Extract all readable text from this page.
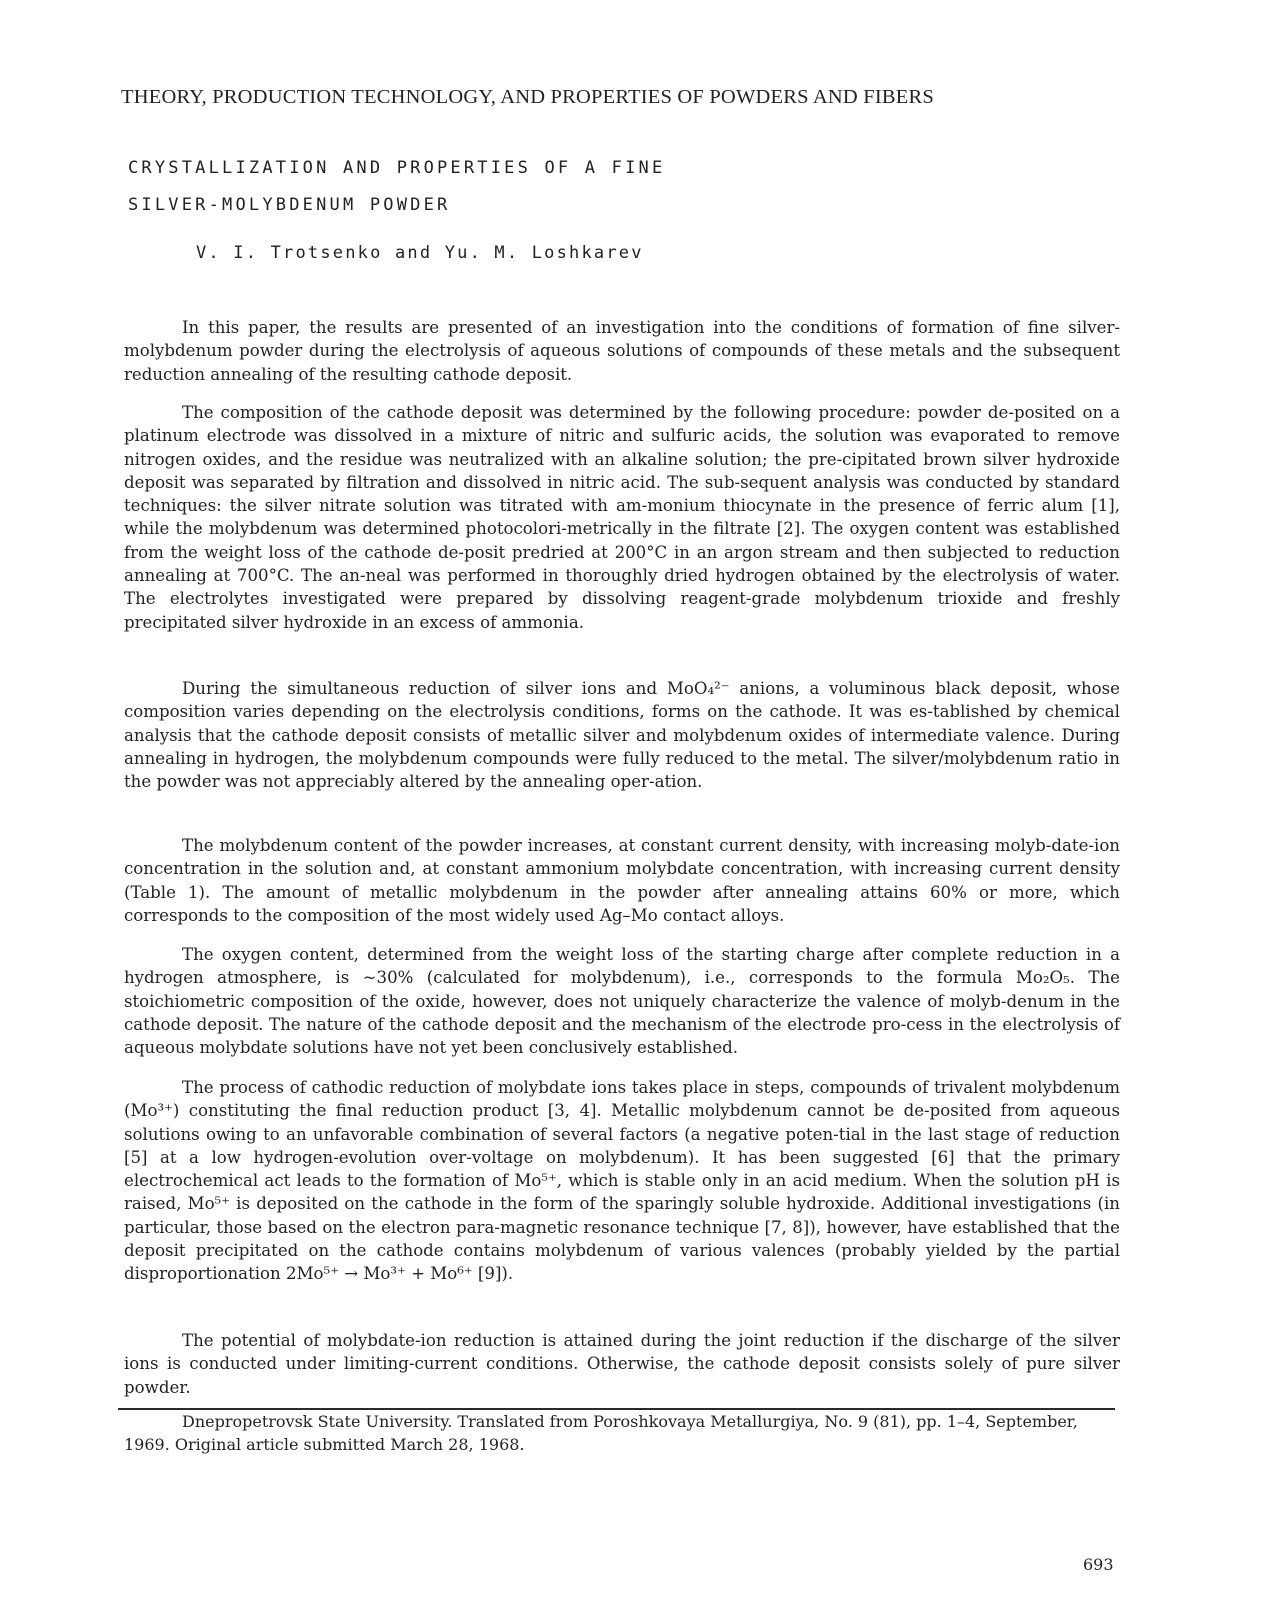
THEORY, PRODUCTION TECHNOLOGY, AND PROPERTIES OF POWDERS AND FIBERS
CRYSTALLIZATION AND PROPERTIES OF A FINE
SILVER-MOLYBDENUM POWDER
V. I. Trotsenko and Yu. M. Loshkarev

In this paper, the results are presented of an investigation into the conditions of formation of fine silver-molybdenum powder during the electrolysis of aqueous solutions of compounds of these metals and the subsequent reduction annealing of the resulting cathode deposit.

The composition of the cathode deposit was determined by the following procedure: powder de-posited on a platinum electrode was dissolved in a mixture of nitric and sulfuric acids, the solution was evaporated to remove nitrogen oxides, and the residue was neutralized with an alkaline solution; the pre-cipitated brown silver hydroxide deposit was separated by filtration and dissolved in nitric acid. The sub-sequent analysis was conducted by standard techniques: the silver nitrate solution was titrated with am-monium thiocynate in the presence of ferric alum [1], while the molybdenum was determined photocolori-metrically in the filtrate [2]. The oxygen content was established from the weight loss of the cathode de-posit predried at 200°C in an argon stream and then subjected to reduction annealing at 700°C. The an-neal was performed in thoroughly dried hydrogen obtained by the electrolysis of water. The electrolytes investigated were prepared by dissolving reagent-grade molybdenum trioxide and freshly precipitated silver hydroxide in an excess of ammonia.

During the simultaneous reduction of silver ions and MoO₄²⁻ anions, a voluminous black deposit, whose composition varies depending on the electrolysis conditions, forms on the cathode. It was es-tablished by chemical analysis that the cathode deposit consists of metallic silver and molybdenum oxides of intermediate valence. During annealing in hydrogen, the molybdenum compounds were fully reduced to the metal. The silver/molybdenum ratio in the powder was not appreciably altered by the annealing oper-ation.

The molybdenum content of the powder increases, at constant current density, with increasing molyb-date-ion concentration in the solution and, at constant ammonium molybdate concentration, with increasing current density (Table 1). The amount of metallic molybdenum in the powder after annealing attains 60% or more, which corresponds to the composition of the most widely used Ag–Mo contact alloys.

The oxygen content, determined from the weight loss of the starting charge after complete reduction in a hydrogen atmosphere, is ~30% (calculated for molybdenum), i.e., corresponds to the formula Mo₂O₅. The stoichiometric composition of the oxide, however, does not uniquely characterize the valence of molyb-denum in the cathode deposit. The nature of the cathode deposit and the mechanism of the electrode pro-cess in the electrolysis of aqueous molybdate solutions have not yet been conclusively established.

The process of cathodic reduction of molybdate ions takes place in steps, compounds of trivalent molybdenum (Mo³⁺) constituting the final reduction product [3, 4]. Metallic molybdenum cannot be de-posited from aqueous solutions owing to an unfavorable combination of several factors (a negative poten-tial in the last stage of reduction [5] at a low hydrogen-evolution over-voltage on molybdenum). It has been suggested [6] that the primary electrochemical act leads to the formation of Mo⁵⁺, which is stable only in an acid medium. When the solution pH is raised, Mo⁵⁺ is deposited on the cathode in the form of the sparingly soluble hydroxide. Additional investigations (in particular, those based on the electron para-magnetic resonance technique [7, 8]), however, have established that the deposit precipitated on the cathode contains molybdenum of various valences (probably yielded by the partial disproportionation 2Mo⁵⁺ → Mo³⁺ + Mo⁶⁺ [9]).

The potential of molybdate-ion reduction is attained during the joint reduction if the discharge of the silver ions is conducted under limiting-current conditions. Otherwise, the cathode deposit consists solely of pure silver powder.

Dnepropetrovsk State University. Translated from Poroshkovaya Metallurgiya, No. 9 (81), pp. 1–4, September, 1969. Original article submitted March 28, 1968.

693
